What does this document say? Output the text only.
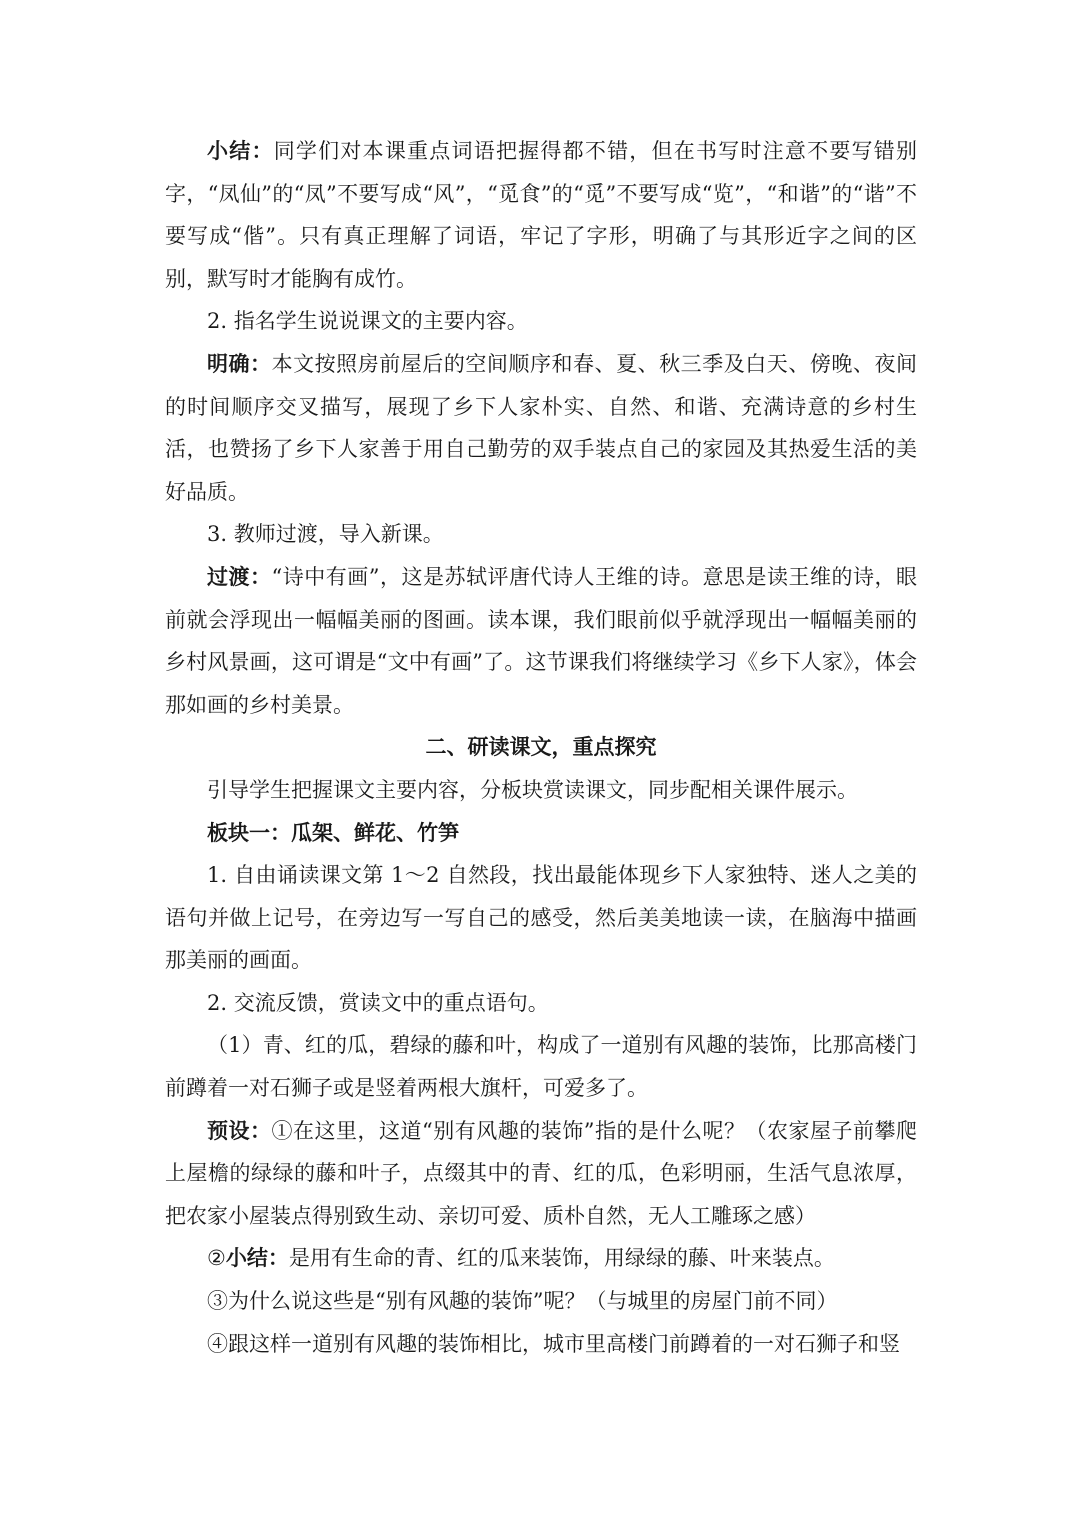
小结：同学们对本课重点词语把握得都不错，但在书写时注意不要写错别字，“凤仙”的“凤”不要写成“风”，“觅食”的“觅”不要写成“览”，“和谐”的“谐”不要写成“偕”。只有真正理解了词语，牢记了字形，明确了与其形近字之间的区别，默写时才能胸有成竹。

2. 指名学生说说课文的主要内容。

明确：本文按照房前屋后的空间顺序和春、夏、秋三季及白天、傍晚、夜间的时间顺序交叉描写，展现了乡下人家朴实、自然、和谐、充满诗意的乡村生活，也赞扬了乡下人家善于用自己勤劳的双手装点自己的家园及其热爱生活的美好品质。

3. 教师过渡，导入新课。

过渡：“诗中有画”，这是苏轼评唐代诗人王维的诗。意思是读王维的诗，眼前就会浮现出一幅幅美丽的图画。读本课，我们眼前似乎就浮现出一幅幅美丽的乡村风景画，这可谓是“文中有画”了。这节课我们将继续学习《乡下人家》，体会那如画的乡村美景。

二、研读课文，重点探究

引导学生把握课文主要内容，分板块赏读课文，同步配相关课件展示。

板块一：瓜架、鲜花、竹笋

1. 自由诵读课文第 1～2 自然段，找出最能体现乡下人家独特、迷人之美的语句并做上记号，在旁边写一写自己的感受，然后美美地读一读，在脑海中描画那美丽的画面。

2. 交流反馈，赏读文中的重点语句。

（1）青、红的瓜，碧绿的藤和叶，构成了一道别有风趣的装饰，比那高楼门前蹲着一对石狮子或是竖着两根大旗杆，可爱多了。

预设：①在这里，这道“别有风趣的装饰”指的是什么呢？（农家屋子前攀爬上屋檐的绿绿的藤和叶子，点缀其中的青、红的瓜，色彩明丽，生活气息浓厚，把农家小屋装点得别致生动、亲切可爱、质朴自然，无人工雕琢之感）

②小结：是用有生命的青、红的瓜来装饰，用绿绿的藤、叶来装点。

③为什么说这些是“别有风趣的装饰”呢？（与城里的房屋门前不同）

④跟这样一道别有风趣的装饰相比，城市里高楼门前蹲着的一对石狮子和竖
